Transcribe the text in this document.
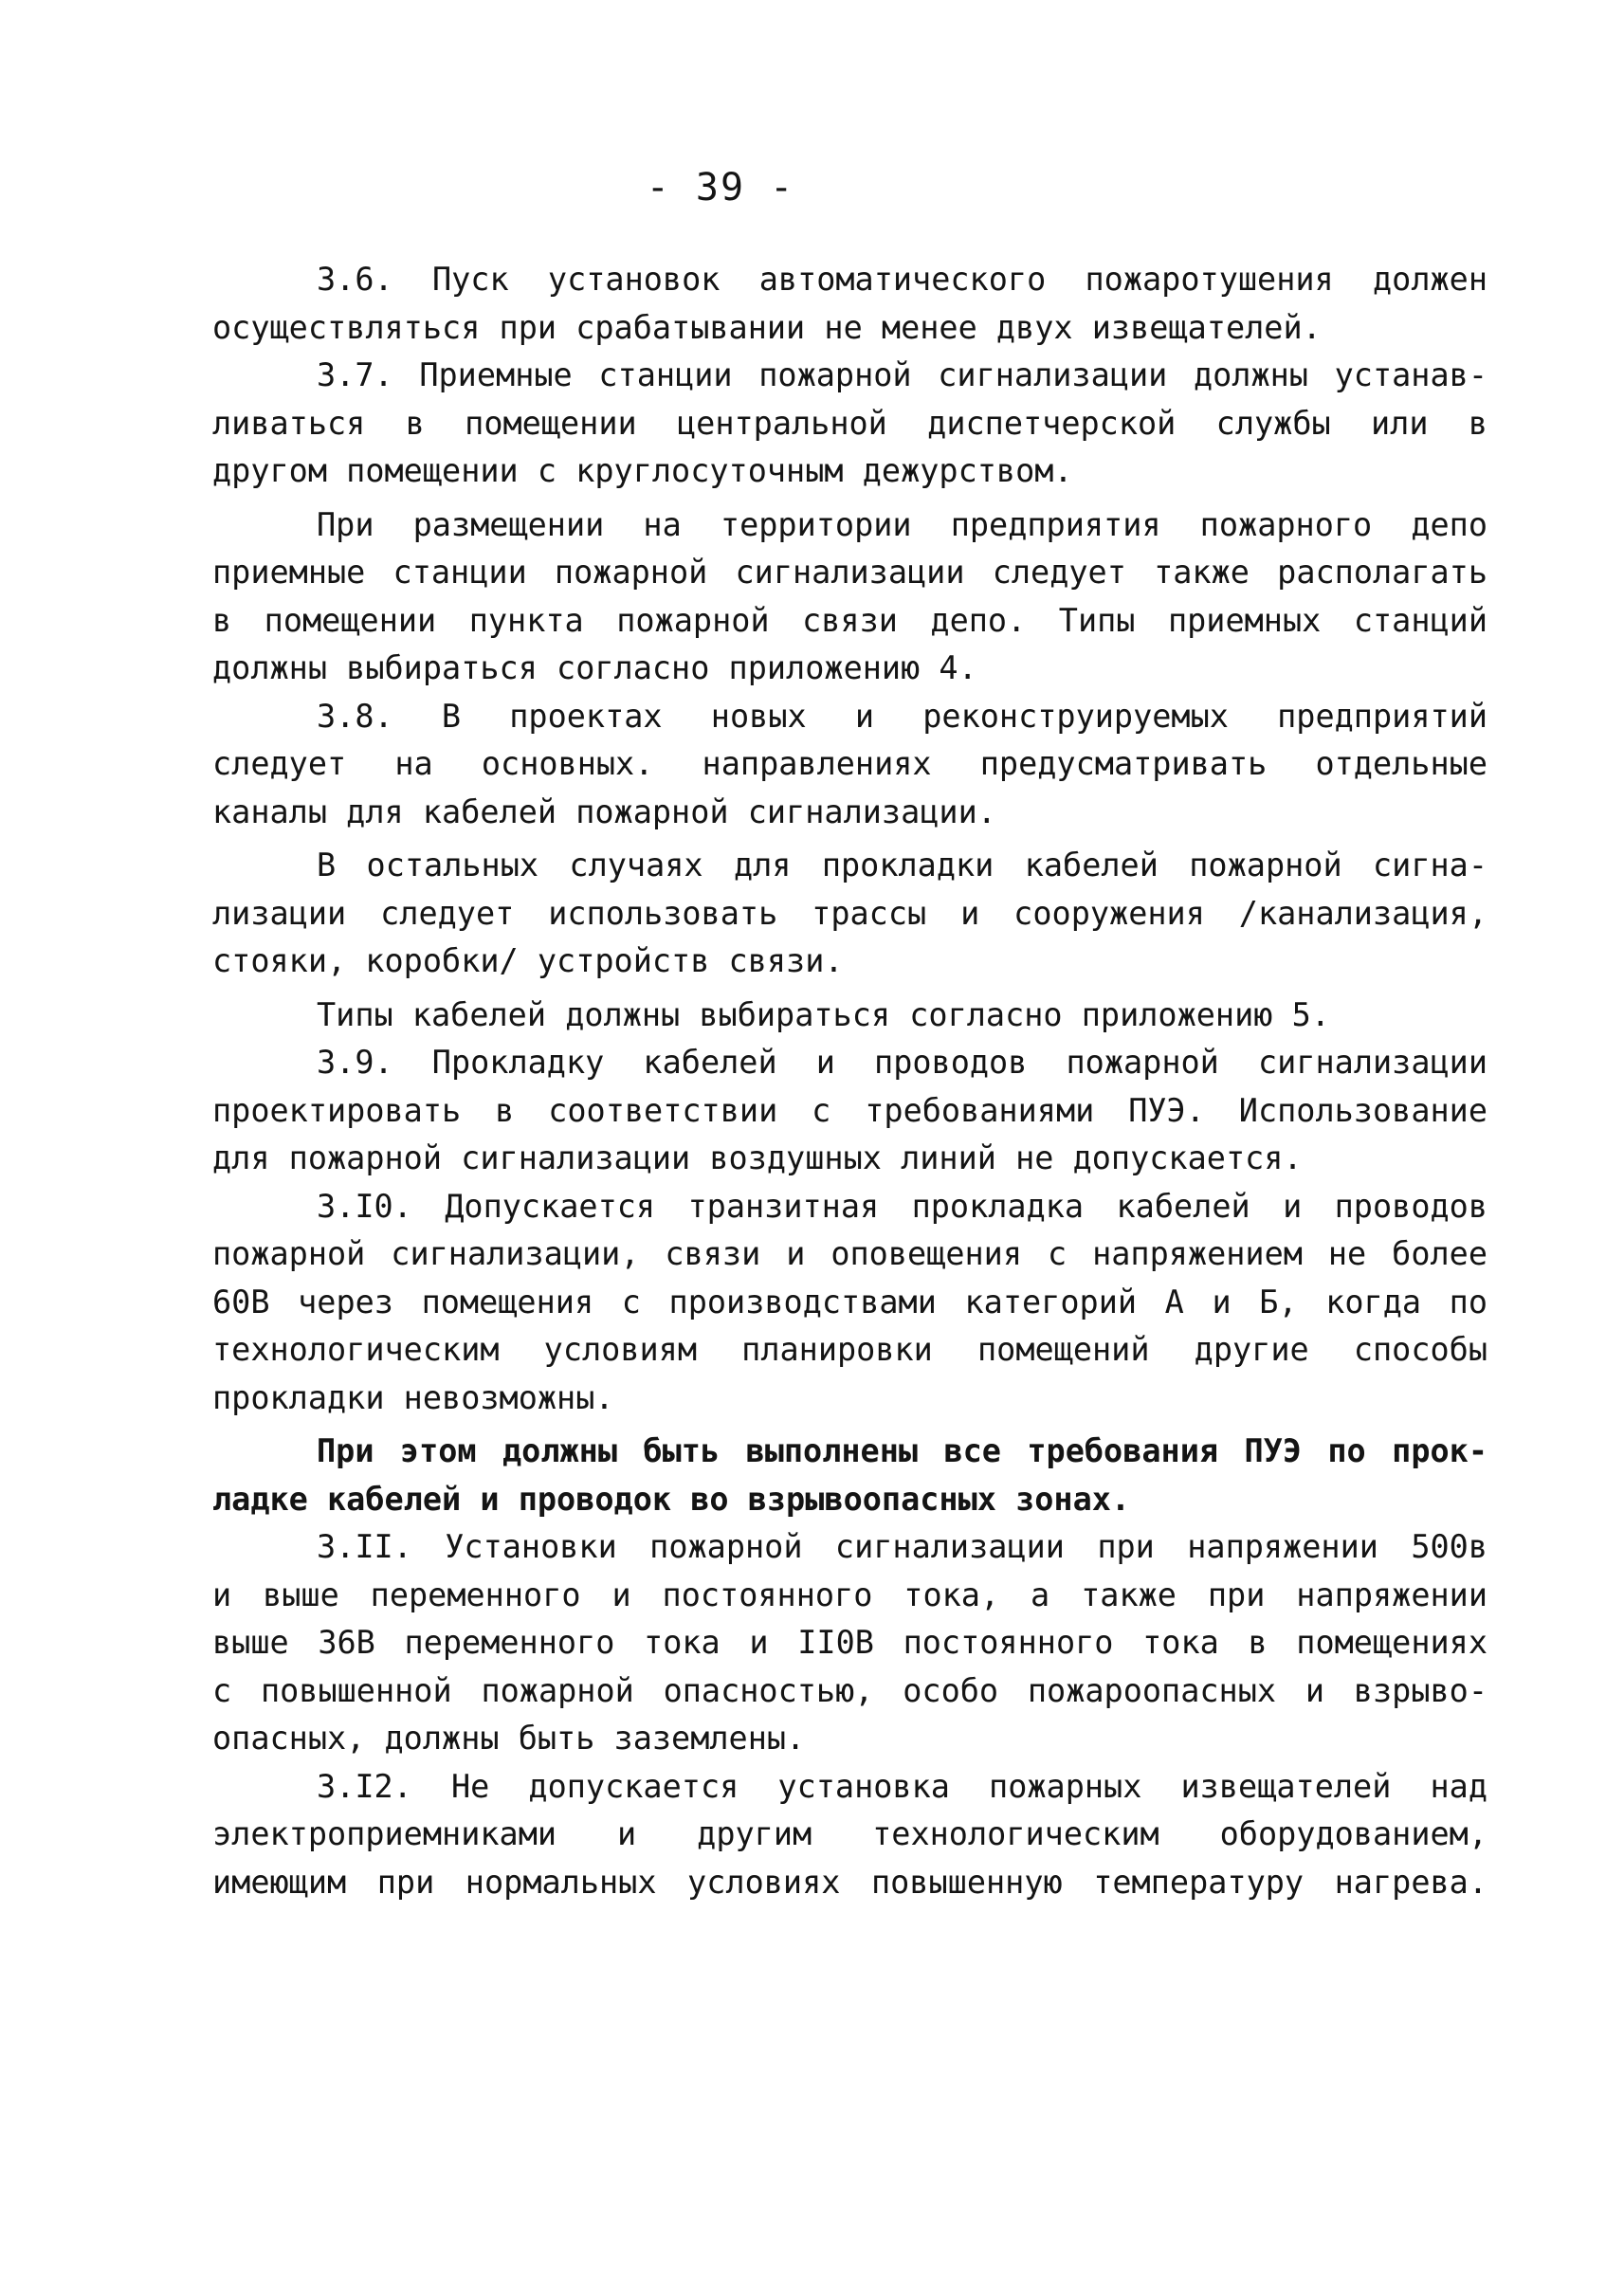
- 39 -
3.6. Пуск установок автоматического пожаротушения должен
осуществляться при срабатывании не менее двух извещателей.
3.7. Приемные станции пожарной сигнализации должны устанав-
ливаться в помещении центральной диспетчерской службы или в
другом помещении с круглосуточным дежурством.
При размещении на территории предприятия пожарного депо
приемные станции пожарной сигнализации следует также располагать
в помещении пункта пожарной связи депо. Типы приемных станций
должны выбираться согласно приложению 4.
3.8. В проектах новых и реконструируемых предприятий
следует на основных. направлениях предусматривать отдельные
каналы для кабелей пожарной сигнализации.
В остальных случаях для прокладки кабелей пожарной сигна-
лизации следует использовать трассы и сооружения /канализация,
стояки, коробки/ устройств связи.
Типы кабелей должны выбираться согласно приложению 5.
3.9. Прокладку кабелей и проводов пожарной сигнализации
проектировать в соответствии с требованиями ПУЭ. Использование
для пожарной сигнализации воздушных линий не допускается.
3.I0. Допускается транзитная прокладка кабелей и проводов
пожарной сигнализации, связи и оповещения с напряжением не более
60В через помещения с производствами категорий А и Б, когда по
технологическим условиям планировки помещений другие способы
прокладки невозможны.
При этом должны быть выполнены все требования ПУЭ по прок-
ладке кабелей и проводок во взрывоопасных зонах.
3.II. Установки пожарной сигнализации при напряжении 500в
и выше переменного и постоянного тока, а также при напряжении
выше 36В переменного тока и II0В постоянного тока в помещениях
с повышенной пожарной опасностью, особо пожароопасных и взрыво-
опасных, должны быть заземлены.
3.I2. Не допускается установка пожарных извещателей над
электроприемниками и другим технологическим оборудованием,
имеющим при нормальных условиях повышенную температуру нагрева.
